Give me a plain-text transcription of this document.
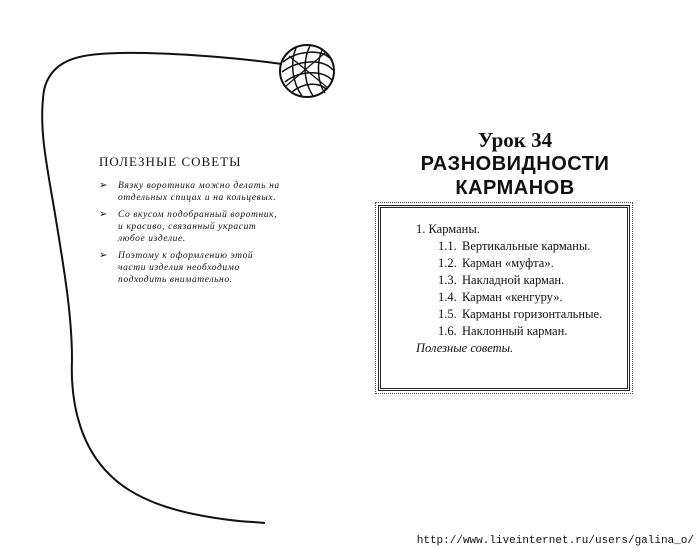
ПОЛЕЗНЫЕ СОВЕТЫ
➢ Вязку воротника можно делать на отдельных спицах и на кольцевых.
➢ Со вкусом подобранный воротник, и красиво, связанный украсит любое изделие.
➢ Поэтому к оформлению этой части изделия необходимо подходить внимательно.
Урок 34
РАЗНОВИДНОСТИ КАРМАНОВ
1. Карманы.
1.1. Вертикальные карманы.
1.2. Карман «муфта».
1.3. Накладной карман.
1.4. Карман «кенгуру».
1.5. Карманы горизонтальные.
1.6. Наклонный карман.
Полезные советы.
http://www.liveinternet.ru/users/galina_o/
